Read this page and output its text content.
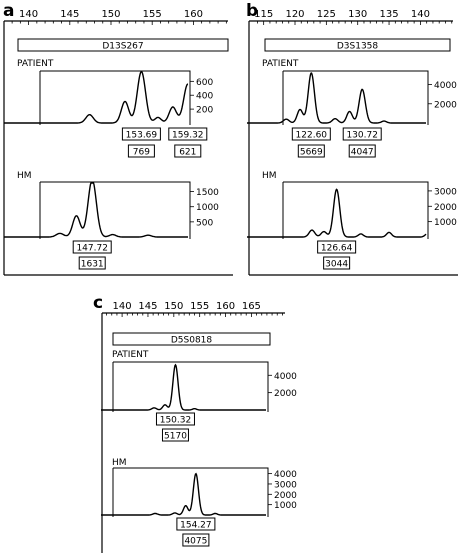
a 140 145 150 155 160
D13S267
PATIENT
200
400
600
153.69
769
159.32
621
HM
500
1000
1500
147.72
1631
b
115 120 125 130 135 140
D3S1358
PATIENT
2000
4000
122.60
5669
130.72
4047
HM
1000
2000
3000
126.64
3044
c 140 145 150 155 160 165
D5S0818
PATIENT
2000
4000
150.32
5170
HM
1000
2000
3000
4000
154.27
4075
